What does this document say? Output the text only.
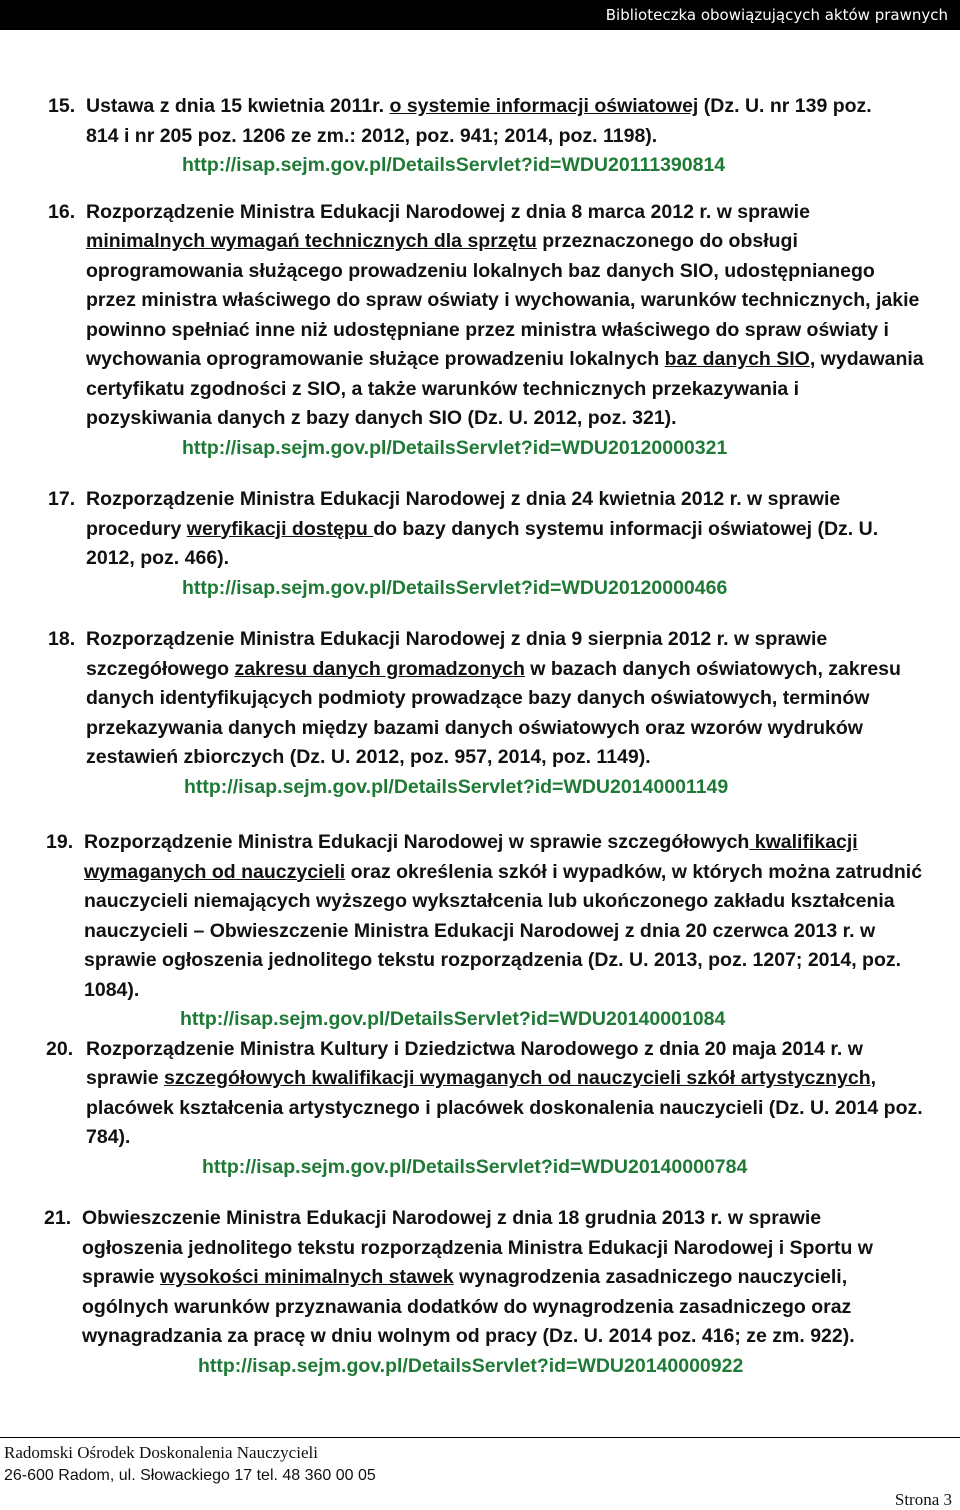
Biblioteczka obowiązujących aktów prawnych
15. Ustawa z dnia 15 kwietnia 2011r. o systemie informacji oświatowej (Dz. U. nr 139 poz. 814 i nr 205 poz. 1206 ze zm.: 2012, poz. 941; 2014, poz. 1198).
http://isap.sejm.gov.pl/DetailsServlet?id=WDU20111390814
16. Rozporządzenie Ministra Edukacji Narodowej z dnia 8 marca 2012 r. w sprawie minimalnych wymagań technicznych dla sprzętu przeznaczonego do obsługi oprogramowania służącego prowadzeniu lokalnych baz danych SIO, udostępnianego przez ministra właściwego do spraw oświaty i wychowania, warunków technicznych, jakie powinno spełniać inne niż udostępniane przez ministra właściwego do spraw oświaty i wychowania oprogramowanie służące prowadzeniu lokalnych baz danych SIO, wydawania certyfikatu zgodności z SIO, a także warunków technicznych przekazywania i pozyskiwania danych z bazy danych SIO (Dz. U. 2012, poz. 321).
http://isap.sejm.gov.pl/DetailsServlet?id=WDU20120000321
17. Rozporządzenie Ministra Edukacji Narodowej z dnia 24 kwietnia 2012 r. w sprawie procedury weryfikacji dostępu do bazy danych systemu informacji oświatowej (Dz. U. 2012, poz. 466).
http://isap.sejm.gov.pl/DetailsServlet?id=WDU20120000466
18. Rozporządzenie Ministra Edukacji Narodowej z dnia 9 sierpnia 2012 r. w sprawie szczegółowego zakresu danych gromadzonych w bazach danych oświatowych, zakresu danych identyfikujących podmioty prowadzące bazy danych oświatowych, terminów przekazywania danych między bazami danych oświatowych oraz wzorów wydruków zestawień zbiorczych (Dz. U. 2012, poz. 957, 2014, poz. 1149).
http://isap.sejm.gov.pl/DetailsServlet?id=WDU20140001149
19. Rozporządzenie Ministra Edukacji Narodowej w sprawie szczegółowych kwalifikacji wymaganych od nauczycieli oraz określenia szkół i wypadków, w których można zatrudnić nauczycieli niemających wyższego wykształcenia lub ukończonego zakładu kształcenia nauczycieli – Obwieszczenie Ministra Edukacji Narodowej z dnia 20 czerwca 2013 r. w sprawie ogłoszenia jednolitego tekstu rozporządzenia (Dz. U. 2013, poz. 1207; 2014, poz. 1084).
http://isap.sejm.gov.pl/DetailsServlet?id=WDU20140001084
20. Rozporządzenie Ministra Kultury i Dziedzictwa Narodowego z dnia 20 maja 2014 r. w sprawie szczegółowych kwalifikacji wymaganych od nauczycieli szkół artystycznych, placówek kształcenia artystycznego i placówek doskonalenia nauczycieli (Dz. U. 2014 poz. 784).
http://isap.sejm.gov.pl/DetailsServlet?id=WDU20140000784
21. Obwieszczenie Ministra Edukacji Narodowej z dnia 18 grudnia 2013 r. w sprawie ogłoszenia jednolitego tekstu rozporządzenia Ministra Edukacji Narodowej i Sportu w sprawie wysokości minimalnych stawek wynagrodzenia zasadniczego nauczycieli, ogólnych warunków przyznawania dodatków do wynagrodzenia zasadniczego oraz wynagradzania za pracę w dniu wolnym od pracy (Dz. U. 2014 poz. 416; ze zm. 922).
http://isap.sejm.gov.pl/DetailsServlet?id=WDU20140000922
Radomski Ośrodek Doskonalenia Nauczycieli
26-600 Radom, ul. Słowackiego 17 tel. 48 360 00 05
Strona 3
